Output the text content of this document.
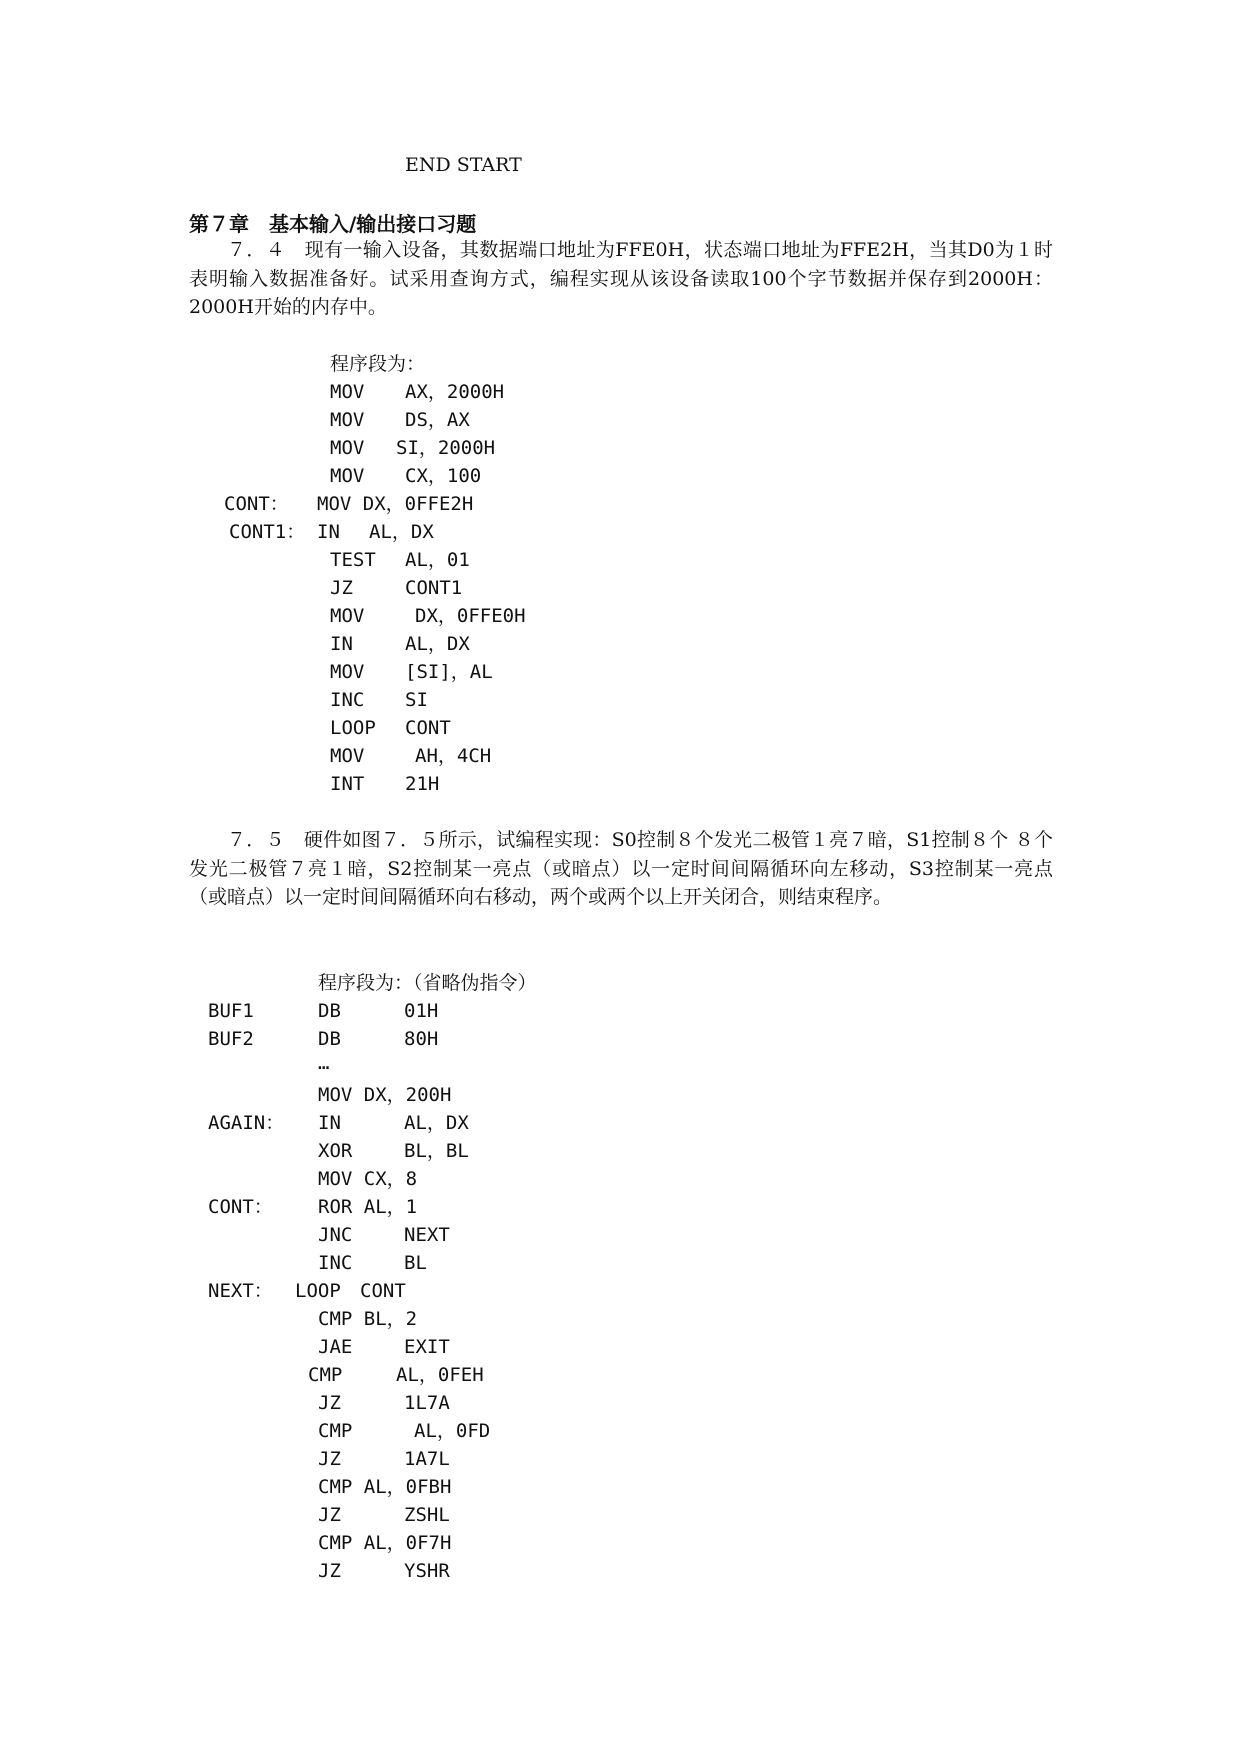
END START
第７章　基本输入/输出接口习题
７．４　现有一输入设备，其数据端口地址为FFE0H，状态端口地址为FFE2H，当其D0为１时表明输入数据准备好。试采用查询方式，编程实现从该设备读取100个字节数据并保存到2000H：2000H开始的内存中。
程序段为：
MOV AX，2000H
MOV DS，AX
MOV SI，2000H
MOV CX，100
CONT： MOV DX，0FFE2H
CONT1： IN AL，DX
TEST AL，01
JZ	CONT1
MOV	DX，0FFE0H
IN	AL，DX
MOV [SI]，AL
INC SI
LOOP CONT
MOV	AH，4CH
INT 21H
７．５　硬件如图７．５所示，试编程实现：S0控制８个发光二极管１亮７暗，S1控制８个 ８个发光二极管７亮１暗，S2控制某一亮点（或暗点）以一定时间间隔循环向左移动，S3控制某一亮点（或暗点）以一定时间间隔循环向右移动，两个或两个以上开关闭合，则结束程序。
程序段为：（省略伪指令）
BUF1	DB	01H
BUF2	DB	80H
…
MOV DX，200H
AGAIN： IN	AL，DX
XOR	BL，BL
MOV CX，8
CONT： ROR AL，1
JNC	NEXT
INC	BL
NEXT： LOOP CONT
CMP BL，2
JAE	EXIT
CMP	AL，0FEH
JZ	1L7A
CMP	AL，0FD
JZ	1A7L
CMP AL，0FBH
JZ	ZSHL
CMP AL，0F7H
JZ	YSHR
